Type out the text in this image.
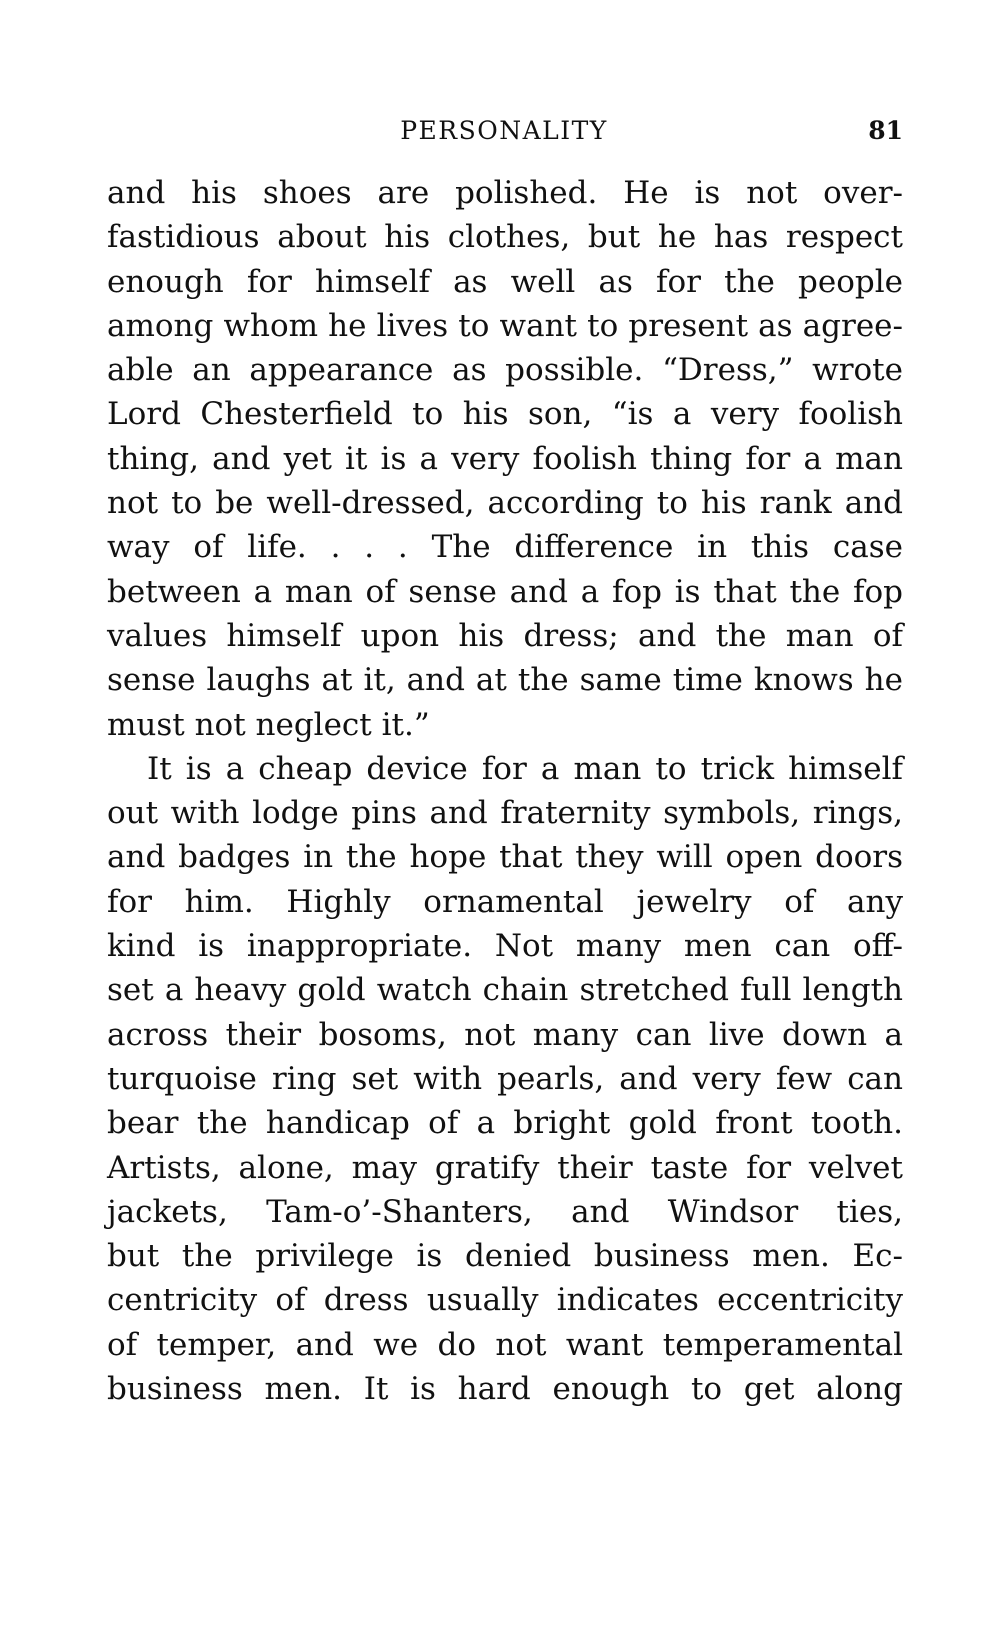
PERSONALITY	81
and his shoes are polished. He is not over-
fastidious about his clothes, but he has respect
enough for himself as well as for the people
among whom he lives to want to present as agree-
able an appearance as possible. “Dress,” wrote
Lord Chesterfield to his son, “is a very foolish
thing, and yet it is a very foolish thing for a man
not to be well-dressed, according to his rank and
way of life. . . . The difference in this case
between a man of sense and a fop is that the fop
values himself upon his dress; and the man of
sense laughs at it, and at the same time knows he
must not neglect it.”
It is a cheap device for a man to trick himself
out with lodge pins and fraternity symbols, rings,
and badges in the hope that they will open doors
for him. Highly ornamental jewelry of any
kind is inappropriate. Not many men can off-
set a heavy gold watch chain stretched full length
across their bosoms, not many can live down a
turquoise ring set with pearls, and very few can
bear the handicap of a bright gold front tooth.
Artists, alone, may gratify their taste for velvet
jackets, Tam-o’-Shanters, and Windsor ties,
but the privilege is denied business men. Ec-
centricity of dress usually indicates eccentricity
of temper, and we do not want temperamental
business men. It is hard enough to get along
